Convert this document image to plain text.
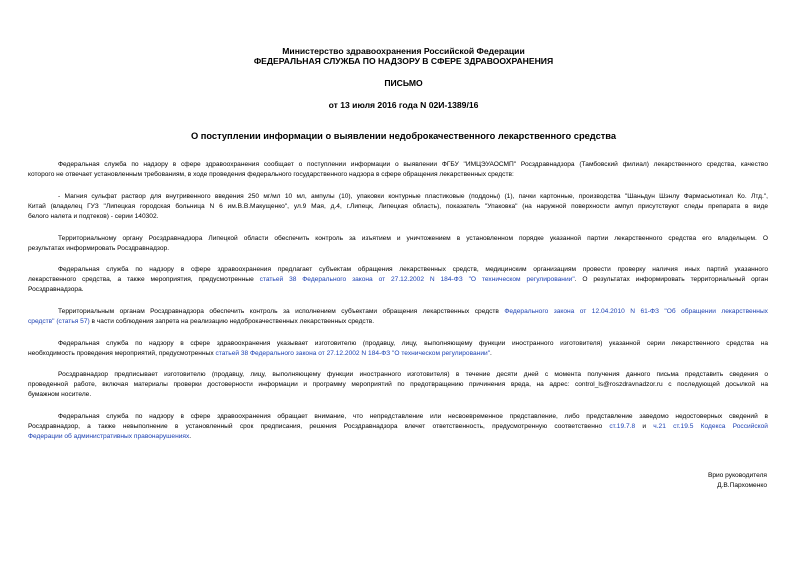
Министерство здравоохранения Российской Федерации
ФЕДЕРАЛЬНАЯ СЛУЖБА ПО НАДЗОРУ В СФЕРЕ ЗДРАВООХРАНЕНИЯ
ПИСЬМО
от 13 июля 2016 года N 02И-1389/16
О поступлении информации о выявлении недоброкачественного лекарственного средства
Федеральная служба по надзору в сфере здравоохранения сообщает о поступлении информации о выявлении ФГБУ "ИМЦЭУАОСМП" Росздравнадзора (Тамбовский филиал) лекарственного средства, качество
которого не отвечает установленным требованиям, в ходе проведения федерального государственного надзора в сфере обращения лекарственных средств:
- Магния сульфат раствор для внутривенного введения 250 мг/мл 10 мл, ампулы (10), упаковки контурные пластиковые (поддоны) (1), пачки картонные, производства "Шаньдун Шэнлу Фармасьютикал Ко. Лтд.",
Китай (владелец ГУЗ "Липецкая городская больница N 6 им.В.В.Макущенко", ул.9 Мая, д.4, г.Липецк, Липецкая область), показатель "Упаковка" (на наружной поверхности ампул присутствуют следы препарата в виде
белого налета и подтеков) - серии 140302.
Территориальному органу Росздравнадзора Липецкой области обеспечить контроль за изъятием и уничтожением в установленном порядке указанной партии лекарственного средства его владельцем. О
результатах информировать Росздравнадзор.
Федеральная служба по надзору в сфере здравоохранения предлагает субъектам обращения лекарственных средств, медицинским организациям провести проверку наличия иных партий указанного
лекарственного средства, а также мероприятия, предусмотренные статьей 38 Федерального закона от 27.12.2002 N 184-ФЗ "О техническом регулировании". О результатах информировать территориальный орган
Росздравнадзора.
Территориальным органам Росздравнадзора обеспечить контроль за исполнением субъектами обращения лекарственных средств Федерального закона от 12.04.2010 N 61-ФЗ "Об обращении лекарственных
средств" (статья 57) в части соблюдения запрета на реализацию недоброкачественных лекарственных средств.
Федеральная служба по надзору в сфере здравоохранения указывает изготовителю (продавцу, лицу, выполняющему функции иностранного изготовителя) указанной серии лекарственного средства на
необходимость проведения мероприятий, предусмотренных статьей 38 Федерального закона от 27.12.2002 N 184-ФЗ "О техническом регулировании".
Росздравнадзор предписывает изготовителю (продавцу, лицу, выполняющему функции иностранного изготовителя) в течение десяти дней с момента получения данного письма представить сведения о
проведенной работе, включая материалы проверки достоверности информации и программу мероприятий по предотвращению причинения вреда, на адрес: control_ls@roszdravnadzor.ru с последующей досылкой на
бумажном носителе.
Федеральная служба по надзору в сфере здравоохранения обращает внимание, что непредставление или несвоевременное представление, либо представление заведомо недостоверных сведений в
Росздравнадзор, а также невыполнение в установленный срок предписания, решения Росздравнадзора влечет ответственность, предусмотренную соответственно ст.19.7.8 и ч.21 ст.19.5 Кодекса Российской
Федерации об административных правонарушениях.
Врио руководителя
Д.В.Пархоменко
